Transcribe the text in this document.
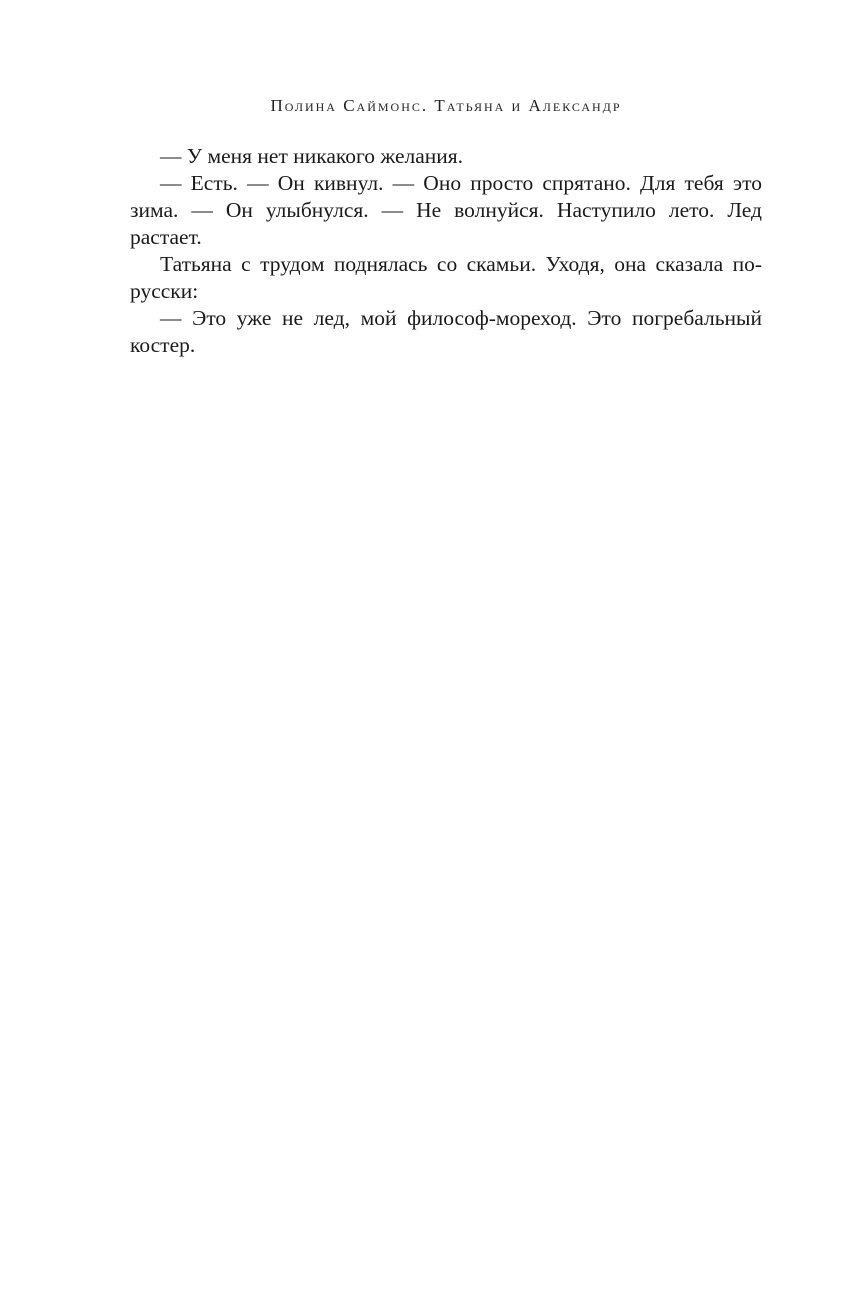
Полина Саймонс. Татьяна и Александр

— У меня нет никакого желания.

— Есть. — Он кивнул. — Оно просто спрятано. Для тебя это зима. — Он улыбнулся. — Не волнуйся. Наступило лето. Лед растает.

Татьяна с трудом поднялась со скамьи. Уходя, она сказала по-русски:

— Это уже не лед, мой философ-мореход. Это погребальный костер.
